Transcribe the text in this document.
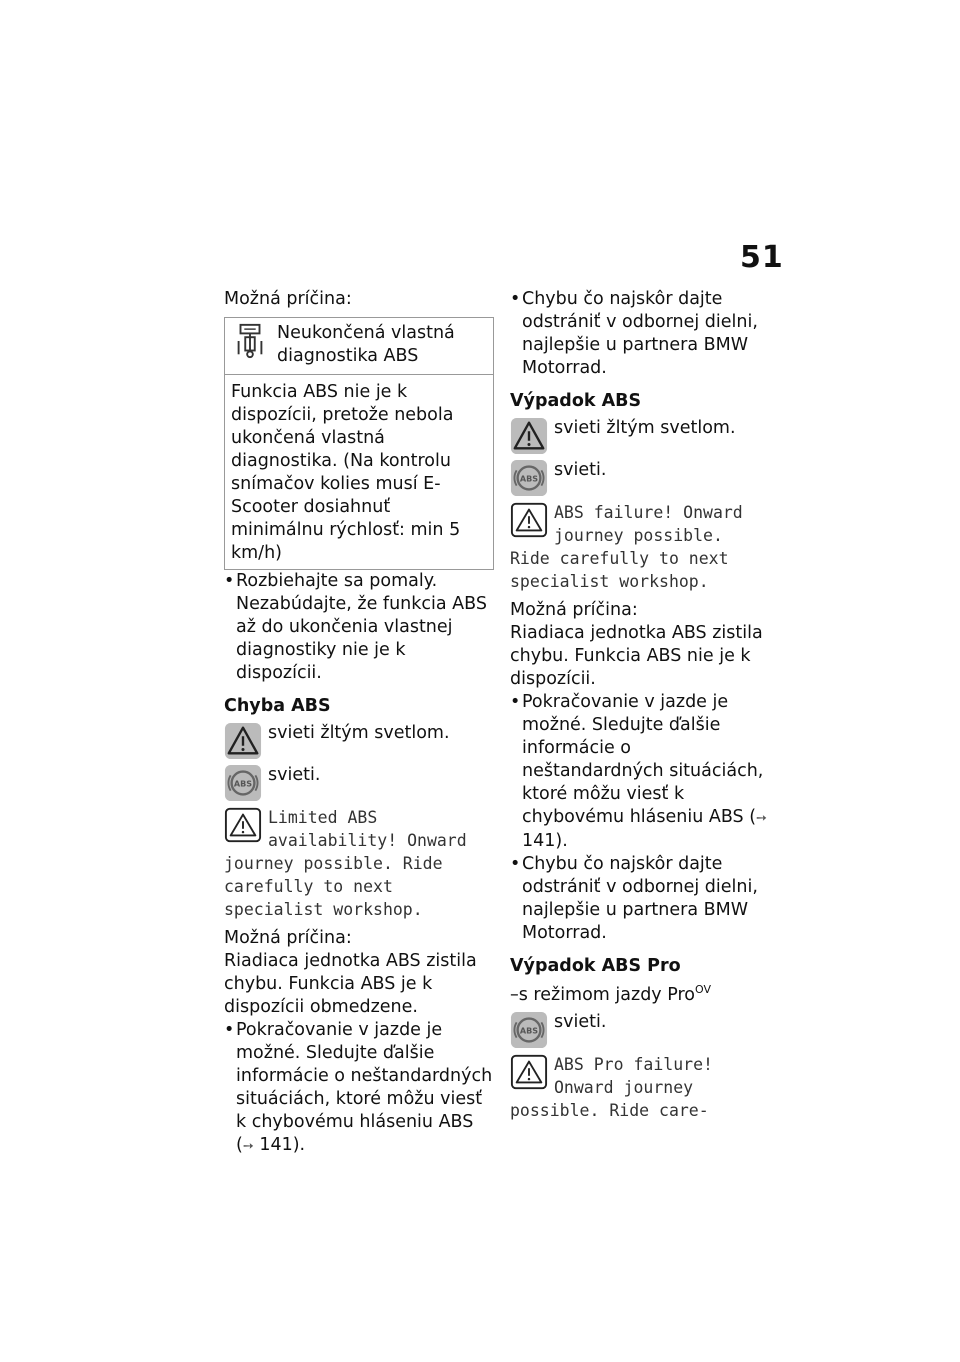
51

Možná príčina:

Neukončená vlastná diagnostika ABS
Funkcia ABS nie je k dispozícii, pretože nebola ukončená vlastná diagnostika. (Na kontrolu snímačov kolies musí E-Scooter dosiahnuť minimálnu rýchlosť: min 5 km/h)

• Rozbiehajte sa pomaly. Nezabúdajte, že funkcia ABS až do ukončenia vlastnej diagnostiky nie je k dispozícii.

Chyba ABS

svieti žltým svetlom.
ABS svieti.
Limited ABS availability! Onward journey possible. Ride carefully to next specialist workshop.

Možná príčina:

Riadiaca jednotka ABS zistila chybu. Funkcia ABS je k dispozícii obmedzene.

• Pokračovanie v jazde je možné. Sledujte ďalšie informácie o neštandardných situáciách, ktoré môžu viesť k chybovému hláseniu ABS (➙ 141).

• Chybu čo najskôr dajte odstrániť v odbornej dielni, najlepšie u partnera BMW Motorrad.

Výpadok ABS

svieti žltým svetlom.
ABS svieti.
ABS failure! Onward journey possible. Ride carefully to next specialist workshop.

Možná príčina:

Riadiaca jednotka ABS zistila chybu. Funkcia ABS nie je k dispozícii.

• Pokračovanie v jazde je možné. Sledujte ďalšie informácie o neštandardných situáciách, ktoré môžu viesť k chybovému hláseniu ABS (➙ 141).

• Chybu čo najskôr dajte odstrániť v odbornej dielni, najlepšie u partnera BMW Motorrad.

Výpadok ABS Pro

–s režimom jazdy Pro$^{OV}$

ABS svieti.
ABS Pro failure! Onward journey possible. Ride care-
